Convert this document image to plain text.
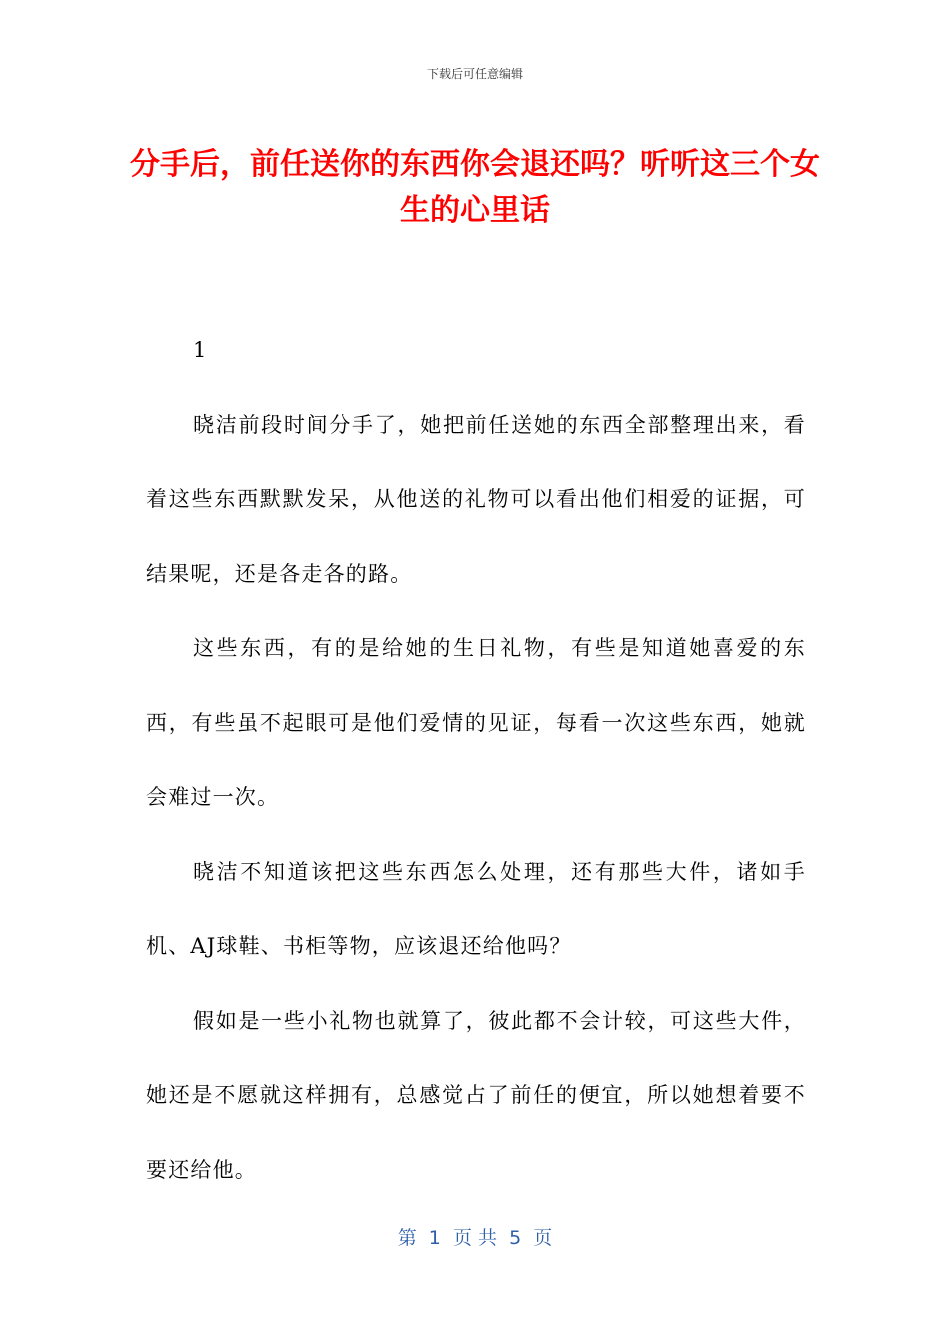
下载后可任意编辑
分手后，前任送你的东西你会退还吗？听听这三个女生的心里话

1

晓洁前段时间分手了，她把前任送她的东西全部整理出来，看着这些东西默默发呆，从他送的礼物可以看出他们相爱的证据，可结果呢，还是各走各的路。

这些东西，有的是给她的生日礼物，有些是知道她喜爱的东西，有些虽不起眼可是他们爱情的见证，每看一次这些东西，她就会难过一次。

晓洁不知道该把这些东西怎么处理，还有那些大件，诸如手机、AJ球鞋、书柜等物，应该退还给他吗？

假如是一些小礼物也就算了，彼此都不会计较，可这些大件，她还是不愿就这样拥有，总感觉占了前任的便宜，所以她想着要不要还给他。

第  1  页 共  5  页
